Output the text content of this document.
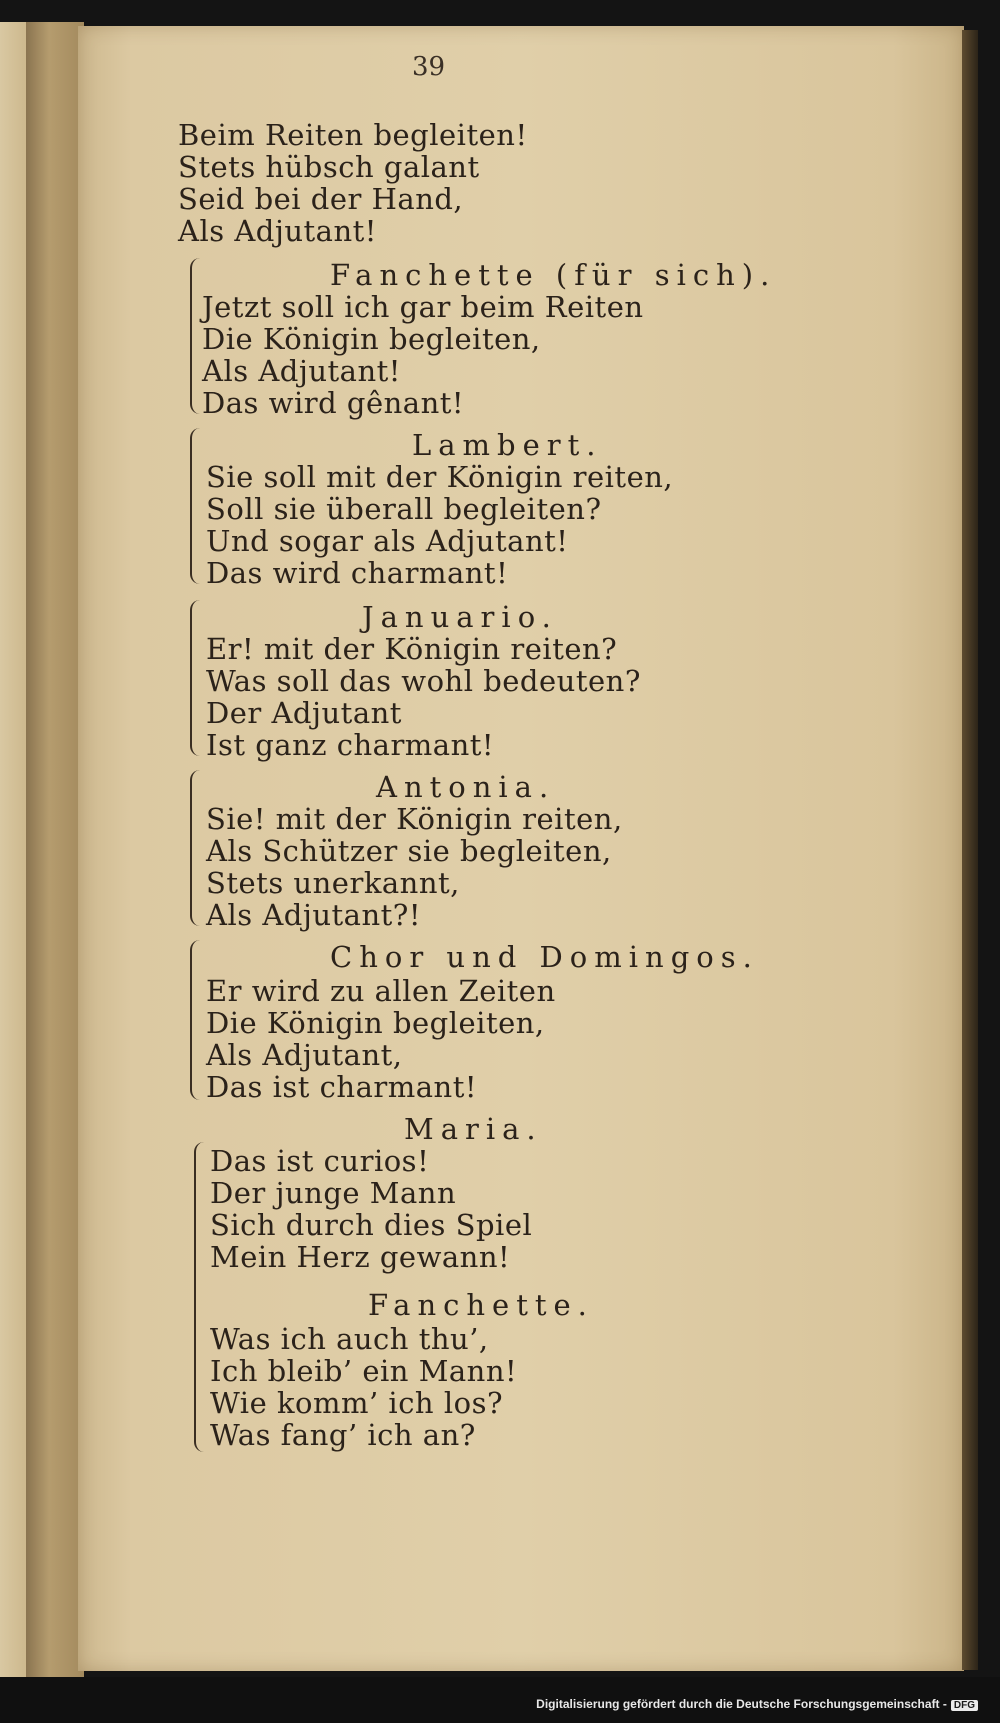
39
Beim Reiten begleiten!
Stets hübsch galant
Seid bei der Hand,
Als Adjutant!
Fanchette (für sich).
Jetzt soll ich gar beim Reiten
Die Königin begleiten,
Als Adjutant!
Das wird gênant!
Lambert.
Sie soll mit der Königin reiten,
Soll sie überall begleiten?
Und sogar als Adjutant!
Das wird charmant!
Januario.
Er! mit der Königin reiten?
Was soll das wohl bedeuten?
Der Adjutant
Ist ganz charmant!
Antonia.
Sie! mit der Königin reiten,
Als Schützer sie begleiten,
Stets unerkannt,
Als Adjutant?!
Chor und Domingos.
Er wird zu allen Zeiten
Die Königin begleiten,
Als Adjutant,
Das ist charmant!
Maria.
Das ist curios!
Der junge Mann
Sich durch dies Spiel
Mein Herz gewann!
Fanchette.
Was ich auch thu’,
Ich bleib’ ein Mann!
Wie komm’ ich los?
Was fang’ ich an?
Digitalisierung gefördert durch die Deutsche Forschungsgemeinschaft - DFG
